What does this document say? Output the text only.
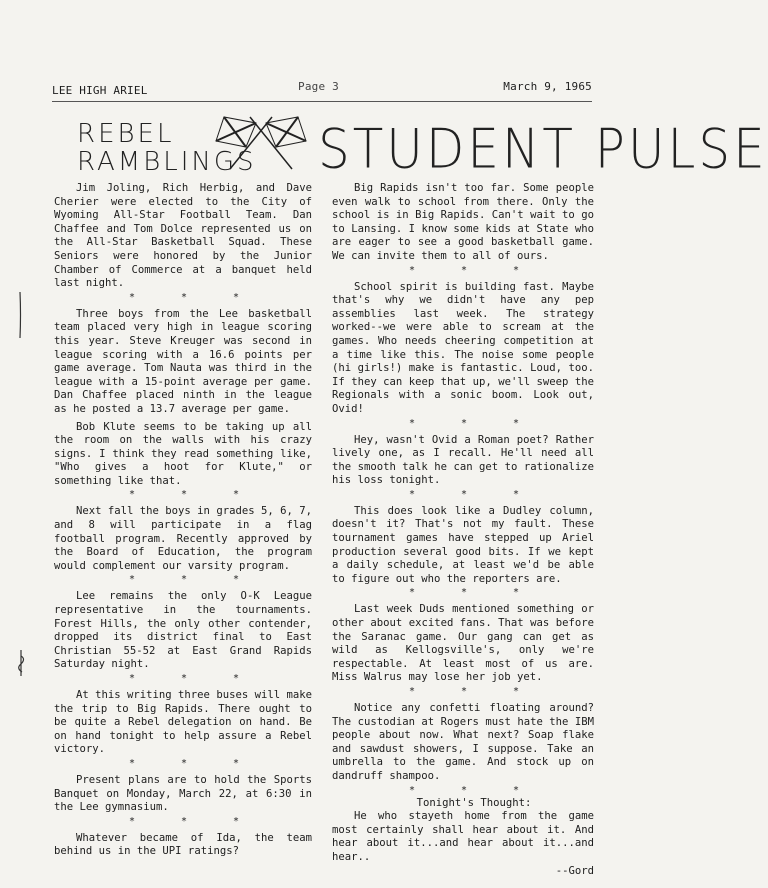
LEE HIGH ARIEL	Page 3	March 9, 1965
REBEL
RAMBLINGS STUDENT PULSE

Jim Joling, Rich Herbig, and Dave Cherier were elected to the City of Wyoming All-Star Football Team. Dan Chaffee and Tom Dolce represented us on the All-Star Basketball Squad. These Seniors were honored by the Junior Chamber of Commerce at a banquet held last night.

* * *

Three boys from the Lee basketball team placed very high in league scoring this year. Steve Kreuger was second in league scoring with a 16.6 points per game average. Tom Nauta was third in the league with a 15-point average per game. Dan Chaffee placed ninth in the league as he posted a 13.7 average per game.

Bob Klute seems to be taking up all the room on the walls with his crazy signs. I think they read something like, "Who gives a hoot for Klute," or something like that.

* * *

Next fall the boys in grades 5, 6, 7, and 8 will participate in a flag football program. Recently approved by the Board of Education, the program would complement our varsity program.

* * *

Lee remains the only O-K League representative in the tournaments. Forest Hills, the only other contender, dropped its district final to East Christian 55-52 at East Grand Rapids Saturday night.

* * *

At this writing three buses will make the trip to Big Rapids. There ought to be quite a Rebel delegation on hand. Be on hand tonight to help assure a Rebel victory.

* * *

Present plans are to hold the Sports Banquet on Monday, March 22, at 6:30 in the Lee gymnasium.

* * *

Whatever became of Ida, the team behind us in the UPI ratings?

Big Rapids isn't too far. Some people even walk to school from there. Only the school is in Big Rapids. Can't wait to go to Lansing. I know some kids at State who are eager to see a good basketball game. We can invite them to all of ours.

* * *

School spirit is building fast. Maybe that's why we didn't have any pep assemblies last week. The strategy worked--we were able to scream at the games. Who needs cheering competition at a time like this. The noise some people (hi girls!) make is fantastic. Loud, too. If they can keep that up, we'll sweep the Regionals with a sonic boom. Look out, Ovid!

* * *

Hey, wasn't Ovid a Roman poet? Rather lively one, as I recall. He'll need all the smooth talk he can get to rationalize his loss tonight.

* * *

This does look like a Dudley column, doesn't it? That's not my fault. These tournament games have stepped up Ariel production several good bits. If we kept a daily schedule, at least we'd be able to figure out who the reporters are.

* * *

Last week Duds mentioned something or other about excited fans. That was before the Saranac game. Our gang can get as wild as Kellogsville's, only we're respectable. At least most of us are. Miss Walrus may lose her job yet.

* * *

Notice any confetti floating around? The custodian at Rogers must hate the IBM people about now. What next? Soap flake and sawdust showers, I suppose. Take an umbrella to the game. And stock up on dandruff shampoo.

* * *

Tonight's Thought:

He who stayeth home from the game most certainly shall hear about it. And hear about it...and hear about it...and hear..

--Gord
